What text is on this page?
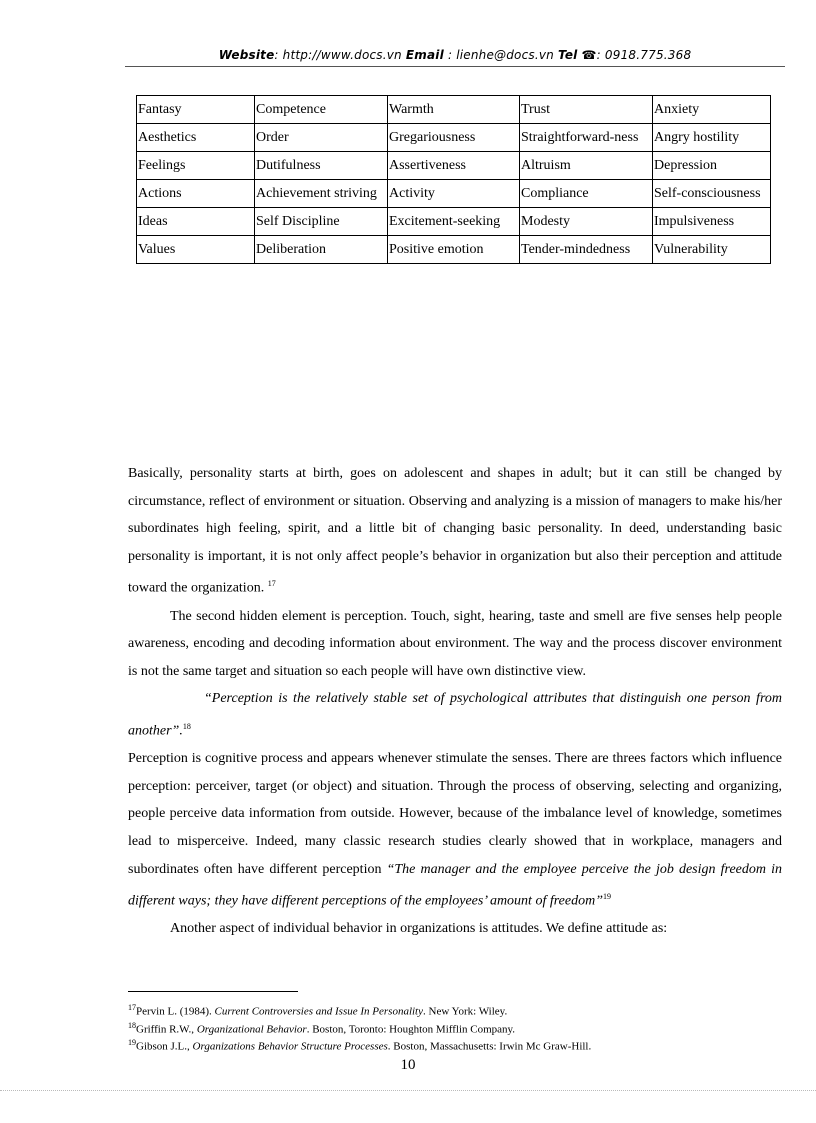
Website: http://www.docs.vn Email : lienhe@docs.vn Tel ☎: 0918.775.368
Fantasy	Competence	Warmth	Trust	Anxiety
Aesthetics	Order	Gregariousness	Straightforward-ness	Angry hostility
Feelings	Dutifulness	Assertiveness	Altruism	Depression
Actions	Achievement striving	Activity	Compliance	Self-consciousness
Ideas	Self Discipline	Excitement-seeking	Modesty	Impulsiveness
Values	Deliberation	Positive emotion	Tender-mindedness	Vulnerability

Basically, personality starts at birth, goes on adolescent and shapes in adult; but it can still be changed by circumstance, reflect of environment or situation. Observing and analyzing is a mission of managers to make his/her subordinates high feeling, spirit, and a little bit of changing basic personality. In deed, understanding basic personality is important, it is not only affect people’s behavior in organization but also their perception and attitude toward the organization. $^{17}$

The second hidden element is perception. Touch, sight, hearing, taste and smell are five senses help people awareness, encoding and decoding information about environment. The way and the process discover environment is not the same target and situation so each people will have own distinctive view.

“Perception is the relatively stable set of psychological attributes that distinguish one person from another”.$^{18}$

Perception is cognitive process and appears whenever stimulate the senses. There are threes factors which influence perception: perceiver, target (or object) and situation. Through the process of observing, selecting and organizing, people perceive data information from outside. However, because of the imbalance level of knowledge, sometimes lead to misperceive. Indeed, many classic research studies clearly showed that in workplace, managers and subordinates often have different perception “The manager and the employee perceive the job design freedom in different ways; they have different perceptions of the employees’ amount of freedom”$^{19}$

Another aspect of individual behavior in organizations is attitudes. We define attitude as:

$^{17}$Pervin L. (1984). Current Controversies and Issue In Personality. New York: Wiley.
$^{18}$Griffin R.W., Organizational Behavior. Boston, Toronto: Houghton Mifflin Company.
$^{19}$Gibson J.L., Organizations Behavior Structure Processes. Boston, Massachusetts: Irwin Mc Graw-Hill.
10
